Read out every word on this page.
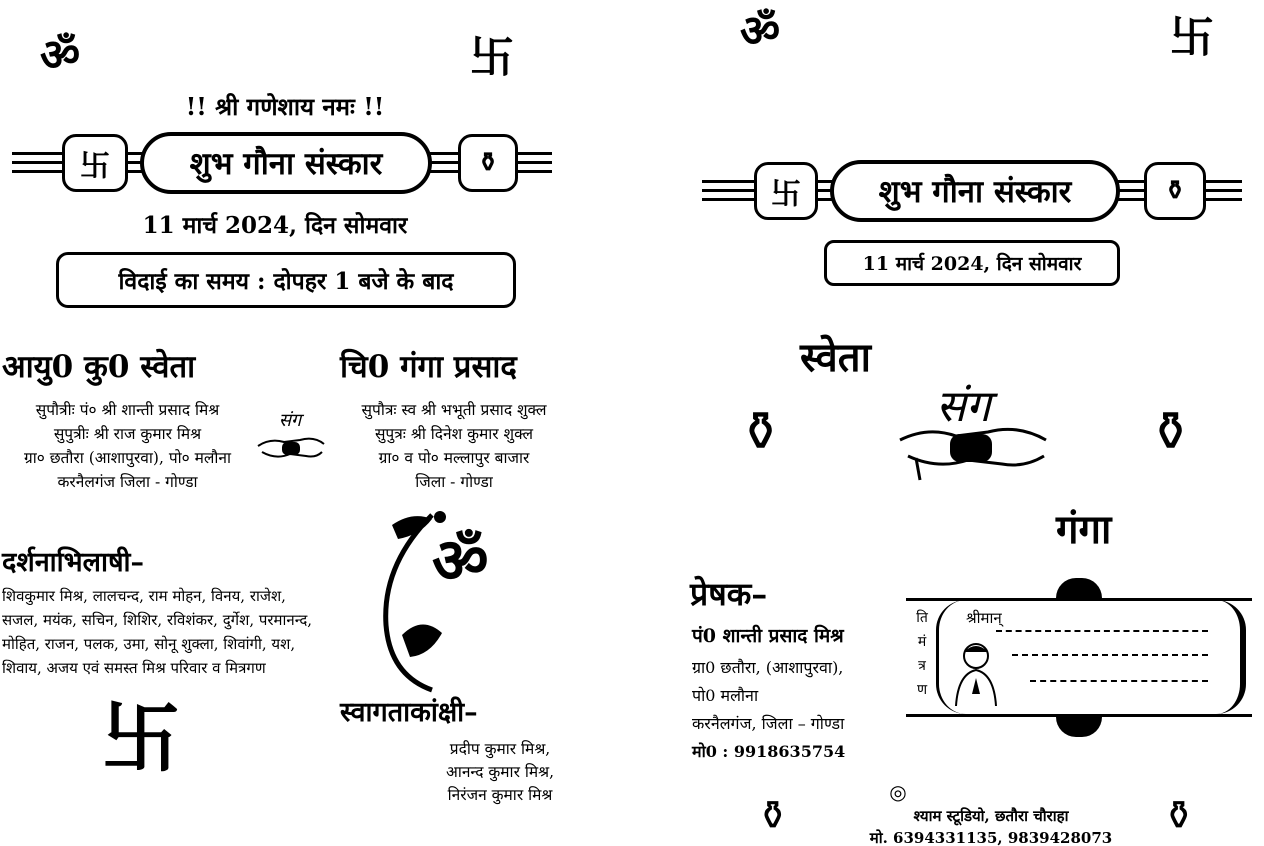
ॐ	卐
!! श्री गणेशाय नमः !!
卐	⚱
शुभ गौना संस्कार
11 मार्च 2024, दिन सोमवार
विदाई का समय : दोपहर 1 बजे के बाद
आयु0 कु0 स्वेता
सुपौत्रीः पं० श्री शान्ती प्रसाद मिश्र
सुपुत्रीः श्री राज कुमार मिश्र
ग्रा० छतौरा (आशापुरवा), पो० मलौना
करनैलगंज जिला - गोण्डा
संग
चि0 गंगा प्रसाद
सुपौत्रः स्व श्री भभूती प्रसाद शुक्ल
सुपुत्रः श्री दिनेश कुमार शुक्ल
ग्रा० व पो० मल्लापुर बाजार
जिला - गोण्डा
दर्शनाभिलाषी–
शिवकुमार मिश्र, लालचन्द, राम मोहन, विनय, राजेश,
सजल, मयंक, सचिन, शिशिर, रविशंकर, दुर्गेश, परमानन्द,
मोहित, राजन, पलक, उमा, सोनू शुक्ला, शिवांगी, यश,
शिवाय, अजय एवं समस्त मिश्र परिवार व मित्रगण
ॐ
卐	स्वागताकांक्षी–
प्रदीप कुमार मिश्र,
आनन्द कुमार मिश्र,
निरंजन कुमार मिश्र
ॐ	卐
卐	⚱
शुभ गौना संस्कार
11 मार्च 2024, दिन सोमवार
स्वेता
संग
⚱	⚱
गंगा
प्रेषक–
पं0 शान्ती प्रसाद मिश्र
ग्रा0 छतौरा, (आशापुरवा),
पो0 मलौना
करनैलगंज, जिला – गोण्डा
मो0 : 9918635754
ति
मं
त्र
ण
श्रीमान्
⚱	⚱
◎
श्याम स्टूडियो, छतौरा चौराहा
मो. 6394331135, 9839428073
